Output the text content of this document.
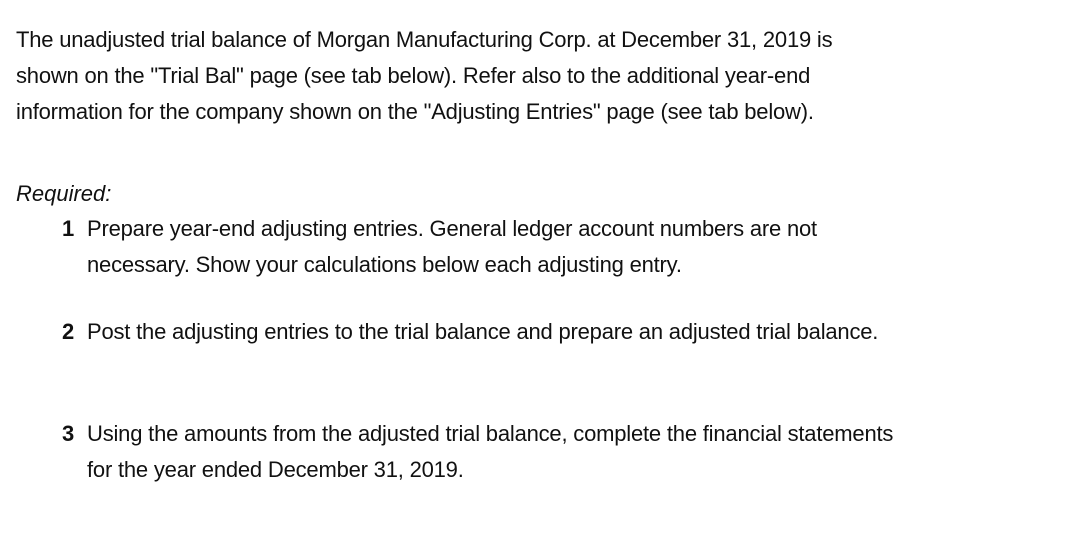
The unadjusted trial balance of Morgan Manufacturing Corp. at December 31, 2019 is
shown on the "Trial Bal" page (see tab below). Refer also to the additional year-end
information for the company shown on the "Adjusting Entries" page (see tab below).
Required:
1 Prepare year-end adjusting entries. General ledger account numbers are not
necessary. Show your calculations below each adjusting entry.
2 Post the adjusting entries to the trial balance and prepare an adjusted trial balance.
3 Using the amounts from the adjusted trial balance, complete the financial statements
for the year ended December 31, 2019.
